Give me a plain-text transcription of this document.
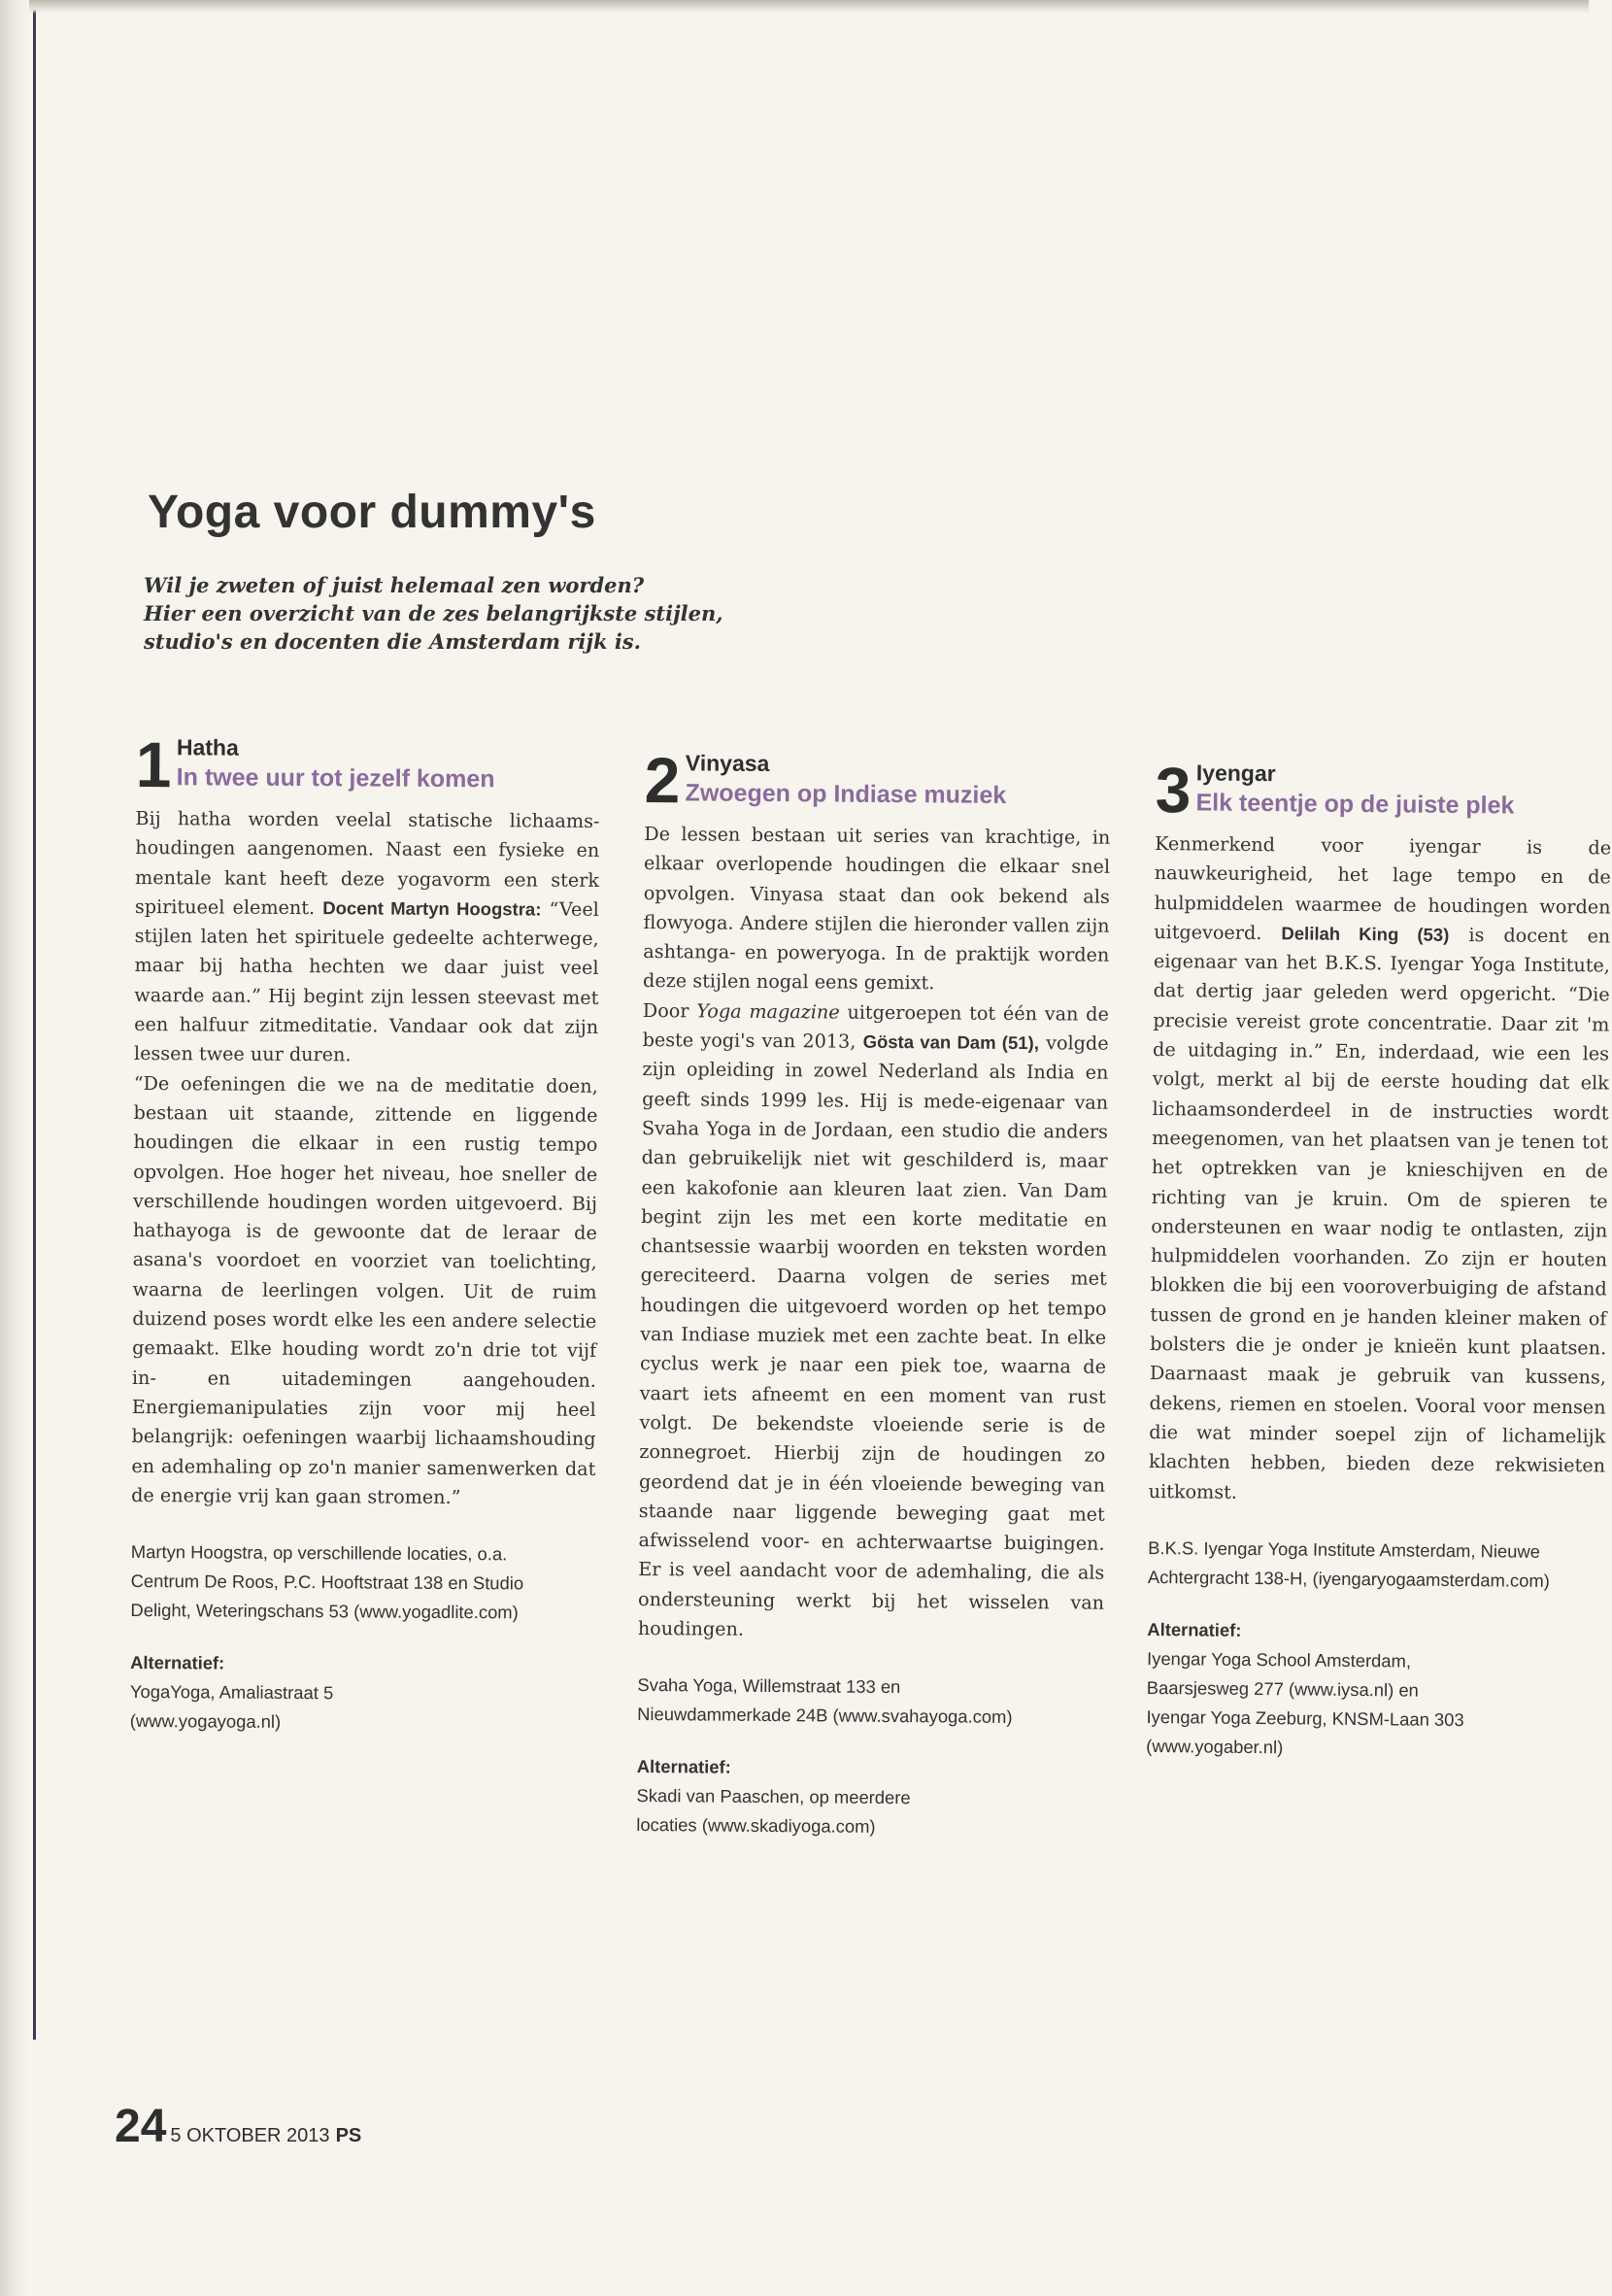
Yoga voor dummy's
Wil je zweten of juist helemaal zen worden?
Hier een overzicht van de zes belangrijkste stijlen,
studio's en docenten die Amsterdam rijk is.
1 Hatha
In twee uur tot jezelf komen

Bij hatha worden veelal statische lichaamshoudingen aangenomen. Naast een fysieke en mentale kant heeft deze yogavorm een sterk spiritueel element. Docent Martyn Hoogstra: “Veel stijlen laten het spirituele gedeelte achterwege, maar bij hatha hechten we daar juist veel waarde aan.” Hij begint zijn lessen steevast met een halfuur zitmeditatie. Vandaar ook dat zijn lessen twee uur duren.

“De oefeningen die we na de meditatie doen, bestaan uit staande, zittende en liggende houdingen die elkaar in een rustig tempo opvolgen. Hoe hoger het niveau, hoe sneller de verschillende houdingen worden uitgevoerd. Bij hathayoga is de gewoonte dat de leraar de asana's voordoet en voorziet van toelichting, waarna de leerlingen volgen. Uit de ruim duizend poses wordt elke les een andere selectie gemaakt. Elke houding wordt zo'n drie tot vijf in- en uitademingen aangehouden. Energiemanipulaties zijn voor mij heel belangrijk: oefeningen waarbij lichaamshouding en ademhaling op zo'n manier samenwerken dat de energie vrij kan gaan stromen.”

Martyn Hoogstra, op verschillende locaties, o.a.
Centrum De Roos, P.C. Hooftstraat 138 en Studio
Delight, Weteringschans 53 (www.yogadlite.com)
Alternatief:
YogaYoga, Amaliastraat 5
(www.yogayoga.nl)
2 Vinyasa
Zwoegen op Indiase muziek

De lessen bestaan uit series van krachtige, in elkaar overlopende houdingen die elkaar snel opvolgen. Vinyasa staat dan ook bekend als flowyoga. Andere stijlen die hieronder vallen zijn ashtanga- en poweryoga. In de praktijk worden deze stijlen nogal eens gemixt.

Door Yoga magazine uitgeroepen tot één van de beste yogi's van 2013, Gösta van Dam (51), volgde zijn opleiding in zowel Nederland als India en geeft sinds 1999 les. Hij is mede-eigenaar van Svaha Yoga in de Jordaan, een studio die anders dan gebruikelijk niet wit geschilderd is, maar een kakofonie aan kleuren laat zien. Van Dam begint zijn les met een korte meditatie en chantsessie waarbij woorden en teksten worden gereciteerd. Daarna volgen de series met houdingen die uitgevoerd worden op het tempo van Indiase muziek met een zachte beat. In elke cyclus werk je naar een piek toe, waarna de vaart iets afneemt en een moment van rust volgt. De bekendste vloeiende serie is de zonnegroet. Hierbij zijn de houdingen zo geordend dat je in één vloeiende beweging van staande naar liggende beweging gaat met afwisselend voor- en achterwaartse buigingen. Er is veel aandacht voor de ademhaling, die als ondersteuning werkt bij het wisselen van houdingen.

Svaha Yoga, Willemstraat 133 en
Nieuwdammerkade 24B (www.svahayoga.com)
Alternatief:
Skadi van Paaschen, op meerdere
locaties (www.skadiyoga.com)
3 Iyengar
Elk teentje op de juiste plek

Kenmerkend voor iyengar is de nauwkeurigheid, het lage tempo en de hulpmiddelen waarmee de houdingen worden uitgevoerd. Delilah King (53) is docent en eigenaar van het B.K.S. Iyengar Yoga Institute, dat dertig jaar geleden werd opgericht. “Die precisie vereist grote concentratie. Daar zit 'm de uitdaging in.” En, inderdaad, wie een les volgt, merkt al bij de eerste houding dat elk lichaamsonderdeel in de instructies wordt meegenomen, van het plaatsen van je tenen tot het optrekken van je knieschijven en de richting van je kruin. Om de spieren te ondersteunen en waar nodig te ontlasten, zijn hulpmiddelen voorhanden. Zo zijn er houten blokken die bij een vooroverbuiging de afstand tussen de grond en je handen kleiner maken of bolsters die je onder je knieën kunt plaatsen. Daarnaast maak je gebruik van kussens, dekens, riemen en stoelen. Vooral voor mensen die wat minder soepel zijn of lichamelijk klachten hebben, bieden deze rekwisieten uitkomst.

B.K.S. Iyengar Yoga Institute Amsterdam, Nieuwe
Achtergracht 138-H, (iyengaryogaamsterdam.com)
Alternatief:
Iyengar Yoga School Amsterdam,
Baarsjesweg 277 (www.iysa.nl) en
Iyengar Yoga Zeeburg, KNSM-Laan 303
(www.yogaber.nl)
24 5 OKTOBER 2013 PS
